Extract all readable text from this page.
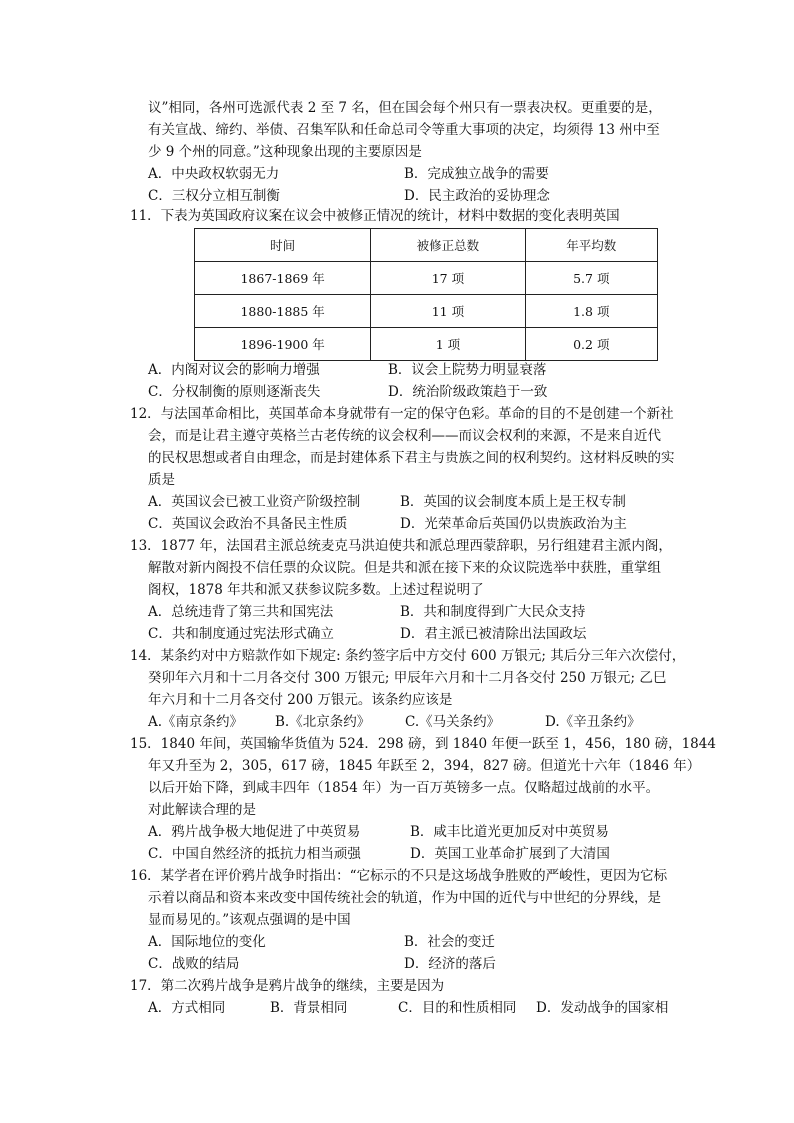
议”相同，各州可选派代表 2 至 7 名，但在国会每个州只有一票表决权。更重要的是，
有关宣战、缔约、举债、召集军队和任命总司令等重大事项的决定，均须得 13 州中至
少 9 个州的同意。”这种现象出现的主要原因是
A．中央政权软弱无力	B．完成独立战争的需要
C．三权分立相互制衡	D．民主政治的妥协理念
11．下表为英国政府议案在议会中被修正情况的统计，材料中数据的变化表明英国
时间	被修正总数	年平均数
1867-1869 年	17 项	5.7 项
1880-1885 年	11 项	1.8 项
1896-1900 年	1 项	0.2 项
A．内阁对议会的影响力增强	B．议会上院势力明显衰落
C．分权制衡的原则逐渐丧失	D．统治阶级政策趋于一致
12．与法国革命相比，英国革命本身就带有一定的保守色彩。革命的目的不是创建一个新社
会，而是让君主遵守英格兰古老传统的议会权利——而议会权利的来源，不是来自近代
的民权思想或者自由理念，而是封建体系下君主与贵族之间的权利契约。这材料反映的实
质是
A．英国议会已被工业资产阶级控制	B．英国的议会制度本质上是王权专制
C．英国议会政治不具备民主性质	D．光荣革命后英国仍以贵族政治为主
13．1877 年，法国君主派总统麦克马洪迫使共和派总理西蒙辞职，另行组建君主派内阁，
解散对新内阁投不信任票的众议院。但是共和派在接下来的众议院选举中获胜，重掌组
阁权，1878 年共和派又获参议院多数。上述过程说明了
A．总统违背了第三共和国宪法	B．共和制度得到广大民众支持
C．共和制度通过宪法形式确立	D．君主派已被清除出法国政坛
14．某条约对中方赔款作如下规定: 条约签字后中方交付 600 万银元; 其后分三年六次偿付，
癸卯年六月和十二月各交付 300 万银元; 甲辰年六月和十二月各交付 250 万银元; 乙巳
年六月和十二月各交付 200 万银元。该条约应该是
A.《南京条约》 B.《北京条约》	C.《马关条约》	D.《辛丑条约》
15．1840 年间，英国输华货值为 524．298 磅，到 1840 年便一跃至 1，456，180 磅，1844
年又升至为 2，305，617 磅，1845 年跃至 2，394，827 磅。但道光十六年（1846 年）
以后开始下降，到咸丰四年（1854 年）为一百万英镑多一点。仅略超过战前的水平。
对此解读合理的是
A．鸦片战争极大地促进了中英贸易	B．咸丰比道光更加反对中英贸易
C．中国自然经济的抵抗力相当顽强	D．英国工业革命扩展到了大清国
16．某学者在评价鸦片战争时指出：“它标示的不只是这场战争胜败的严峻性，更因为它标
示着以商品和资本来改变中国传统社会的轨道，作为中国的近代与中世纪的分界线，是
显而易见的。”该观点强调的是中国
A．国际地位的变化	B．社会的变迁
C．战败的结局	D．经济的落后
17．第二次鸦片战争是鸦片战争的继续，主要是因为
A．方式相同	B．背景相同	C．目的和性质相同 D．发动战争的国家相
